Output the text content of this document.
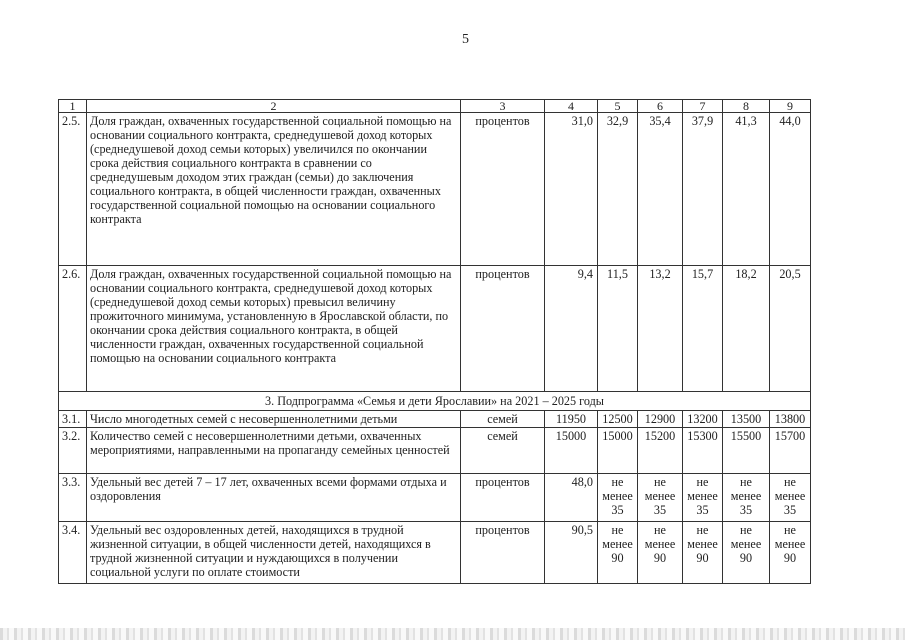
5
1	2	3	4	5	6	7	8	9
2.5.	Доля граждан, охваченных государственной социальной помощью на основании социального контракта, среднедушевой доход которых (среднедушевой доход семьи которых) увеличился по окончании срока действия социального контракта в сравнении со среднедушевым доходом этих граждан (семьи) до заключения социального контракта, в общей численности граждан, охваченных государственной социальной помощью на основании социального контракта	процентов	31,0	32,9	35,4	37,9	41,3	44,0
2.6.	Доля граждан, охваченных государственной социальной помощью на основании социального контракта, среднедушевой доход которых (среднедушевой доход семьи которых) превысил величину прожиточного минимума, установленную в Ярославской области, по окончании срока действия социального контракта, в общей численности граждан, охваченных государственной социальной помощью на основании социального контракта	процентов	9,4	11,5	13,2	15,7	18,2	20,5
3. Подпрограмма «Семья и дети Ярославии» на 2021 – 2025 годы								
3.1.	Число многодетных семей с несовершеннолетними детьми	семей	11950	12500	12900	13200	13500	13800
3.2.	Количество семей с несовершеннолетними детьми, охваченных мероприятиями, направленными на пропаганду семейных ценностей	семей	15000	15000	15200	15300	15500	15700
3.3.	Удельный вес детей 7 – 17 лет, охваченных всеми формами отдыха и оздоровления	процентов	48,0	не менее 35	не менее 35	не менее 35	не менее 35	не менее 35
3.4.	Удельный вес оздоровленных детей, находящихся в трудной жизненной ситуации, в общей численности детей, находящихся в трудной жизненной ситуации и нуждающихся в получении социальной услуги по оплате стоимости	процентов	90,5	не менее 90	не менее 90	не менее 90	не менее 90	не менее 90
